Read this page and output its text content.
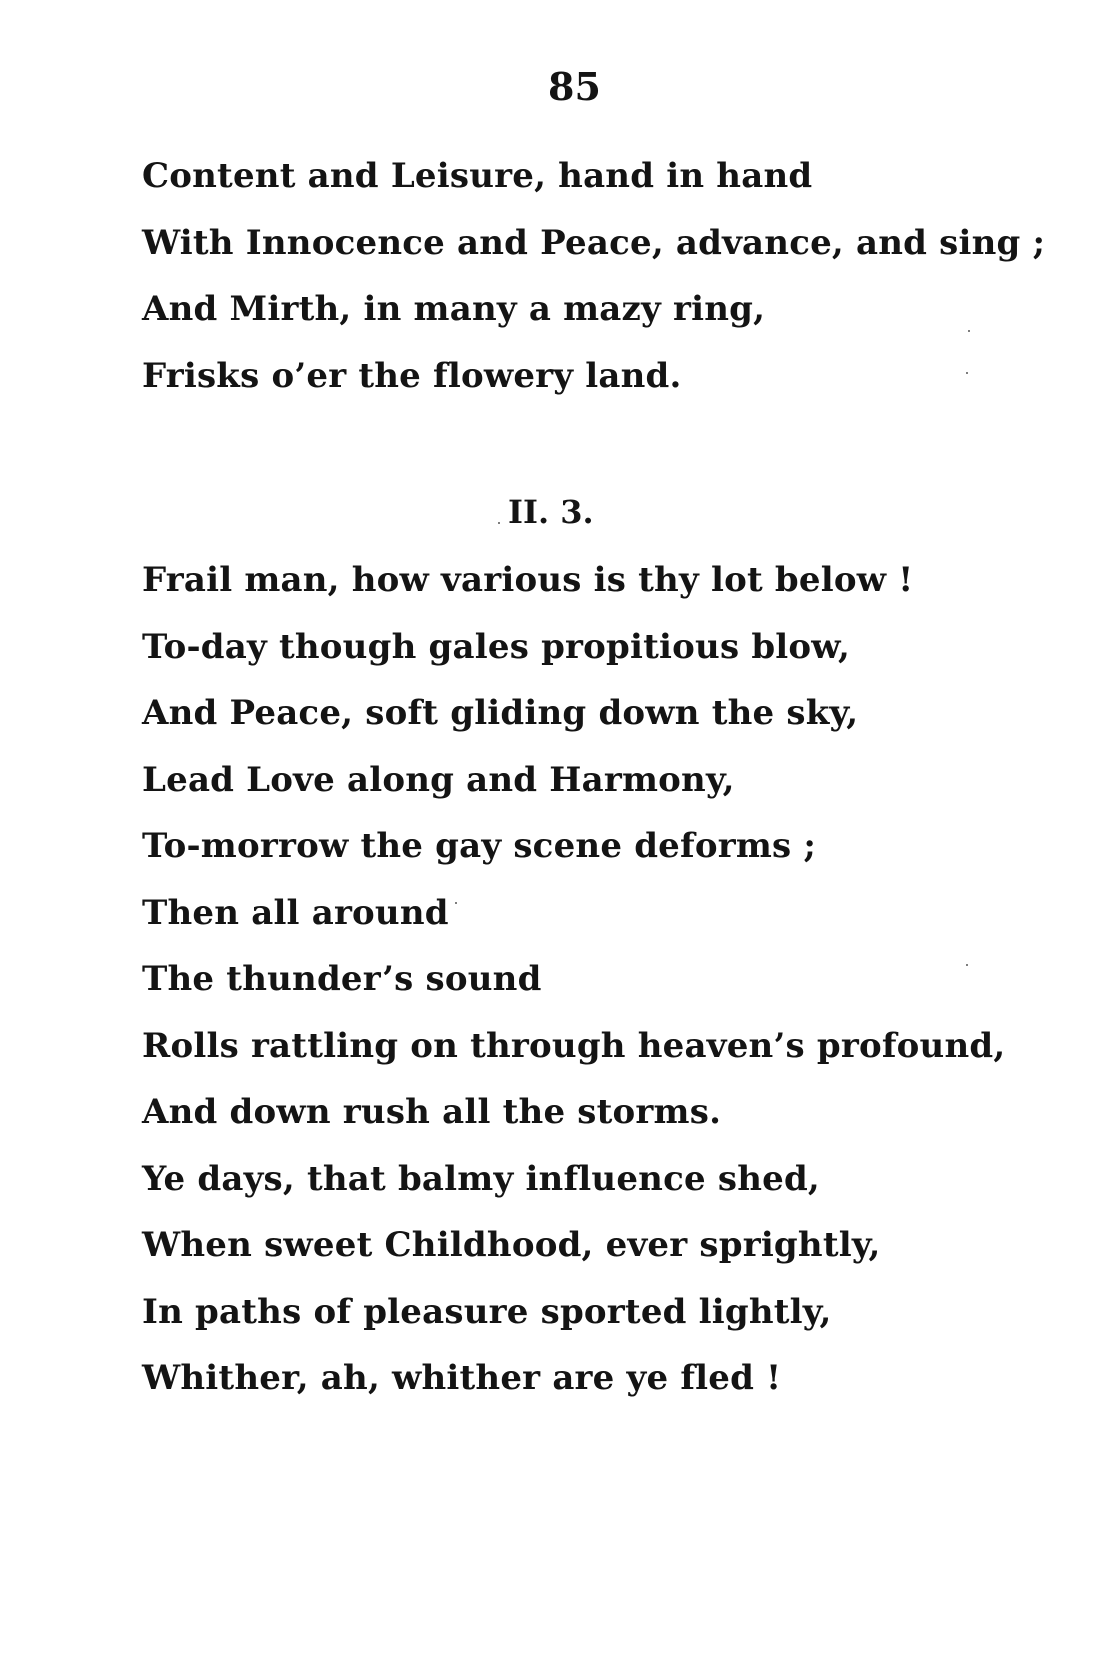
85
Content and Leisure, hand in hand
With Innocence and Peace, advance, and sing ;
And Mirth, in many a mazy ring,
Frisks o’er the flowery land.
II. 3.
Frail man, how various is thy lot below !
To-day though gales propitious blow,
And Peace, soft gliding down the sky,
Lead Love along and Harmony,
To-morrow the gay scene deforms ;
Then all around
The thunder’s sound
Rolls rattling on through heaven’s profound,
And down rush all the storms.
Ye days, that balmy influence shed,
When sweet Childhood, ever sprightly,
In paths of pleasure sported lightly,
Whither, ah, whither are ye fled !
